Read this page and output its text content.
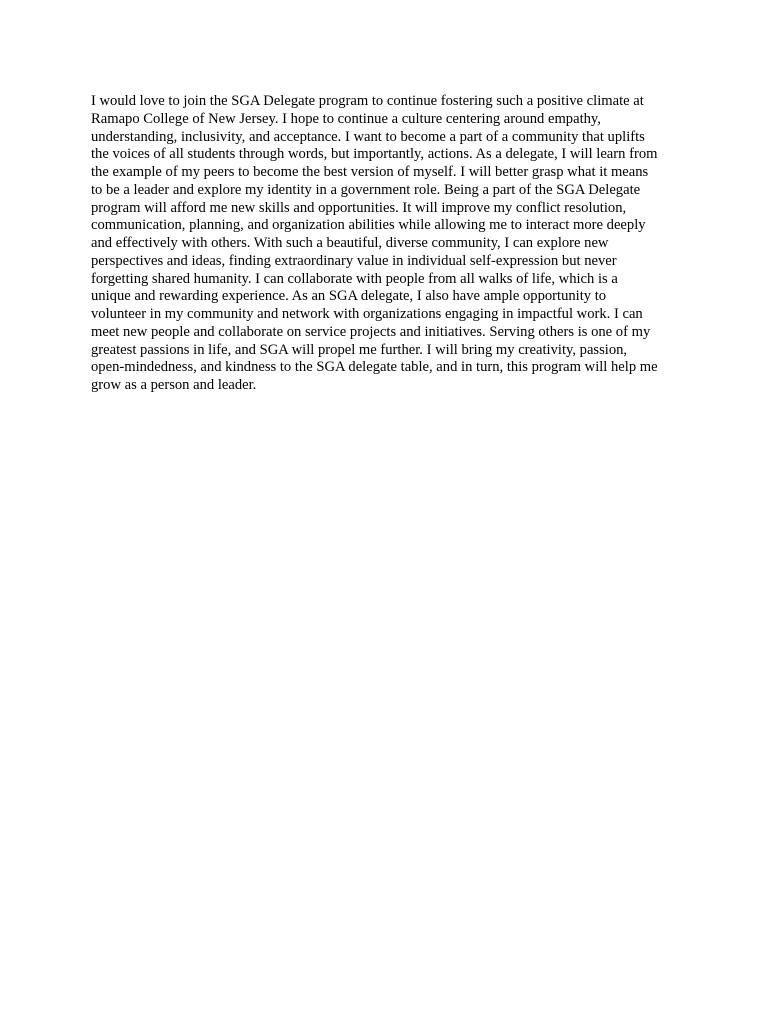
I would love to join the SGA Delegate program to continue fostering such a positive climate at
Ramapo College of New Jersey. I hope to continue a culture centering around empathy,
understanding, inclusivity, and acceptance. I want to become a part of a community that uplifts
the voices of all students through words, but importantly, actions. As a delegate, I will learn from
the example of my peers to become the best version of myself. I will better grasp what it means
to be a leader and explore my identity in a government role. Being a part of the SGA Delegate
program will afford me new skills and opportunities. It will improve my conflict resolution,
communication, planning, and organization abilities while allowing me to interact more deeply
and effectively with others. With such a beautiful, diverse community, I can explore new
perspectives and ideas, finding extraordinary value in individual self-expression but never
forgetting shared humanity. I can collaborate with people from all walks of life, which is a
unique and rewarding experience. As an SGA delegate, I also have ample opportunity to
volunteer in my community and network with organizations engaging in impactful work. I can
meet new people and collaborate on service projects and initiatives. Serving others is one of my
greatest passions in life, and SGA will propel me further. I will bring my creativity, passion,
open-mindedness, and kindness to the SGA delegate table, and in turn, this program will help me
grow as a person and leader.
